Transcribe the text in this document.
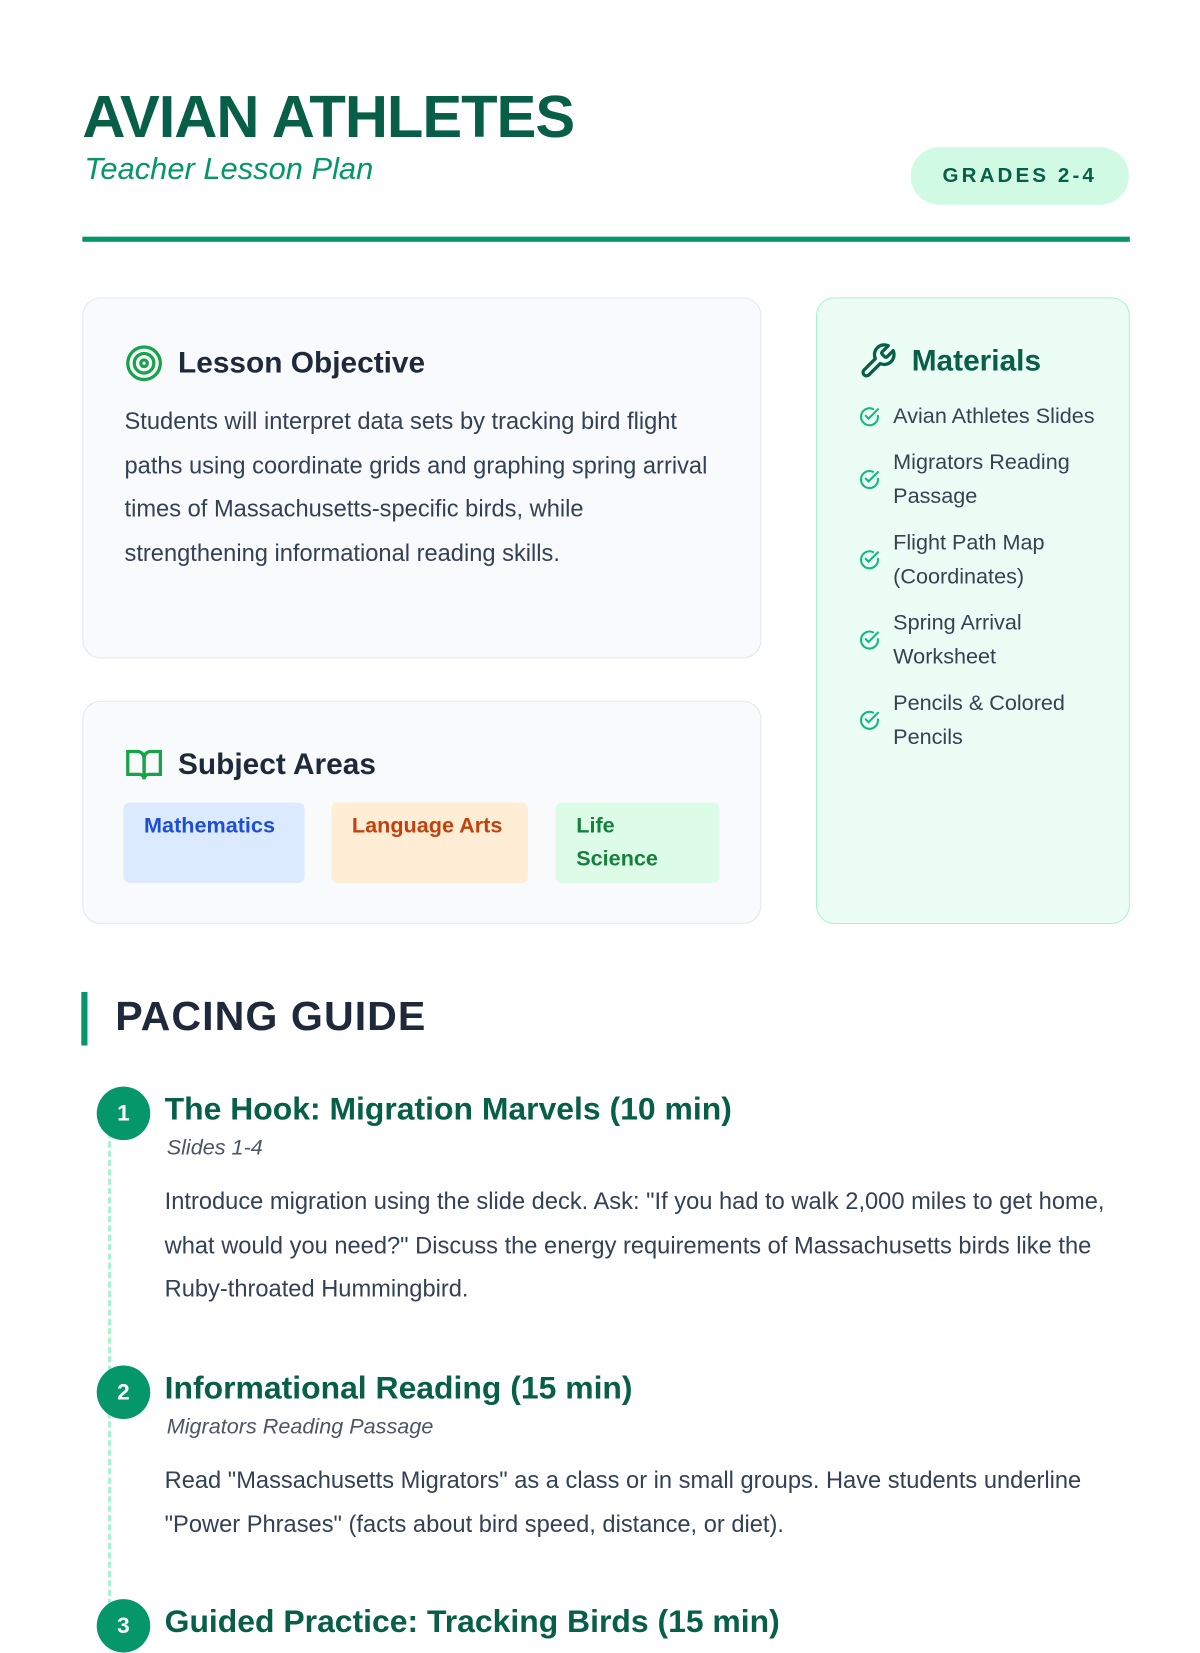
AVIAN ATHLETES
Teacher Lesson Plan	GRADES 2-4
Lesson Objective
Students will interpret data sets by tracking bird flight paths using coordinate grids and graphing spring arrival times of Massachusetts-specific birds, while strengthening informational reading skills.
Subject Areas
Mathematics	Language Arts	Life Science
Materials
Avian Athletes Slides
Migrators Reading Passage
Flight Path Map (Coordinates)
Spring Arrival Worksheet
Pencils & Colored Pencils
PACING GUIDE
1	The Hook: Migration Marvels (10 min)
Slides 1-4
Introduce migration using the slide deck. Ask: "If you had to walk 2,000 miles to get home, what would you need?" Discuss the energy requirements of Massachusetts birds like the Ruby-throated Hummingbird.
2	Informational Reading (15 min)
Migrators Reading Passage
Read "Massachusetts Migrators" as a class or in small groups. Have students underline "Power Phrases" (facts about bird speed, distance, or diet).
3	Guided Practice: Tracking Birds (15 min)
